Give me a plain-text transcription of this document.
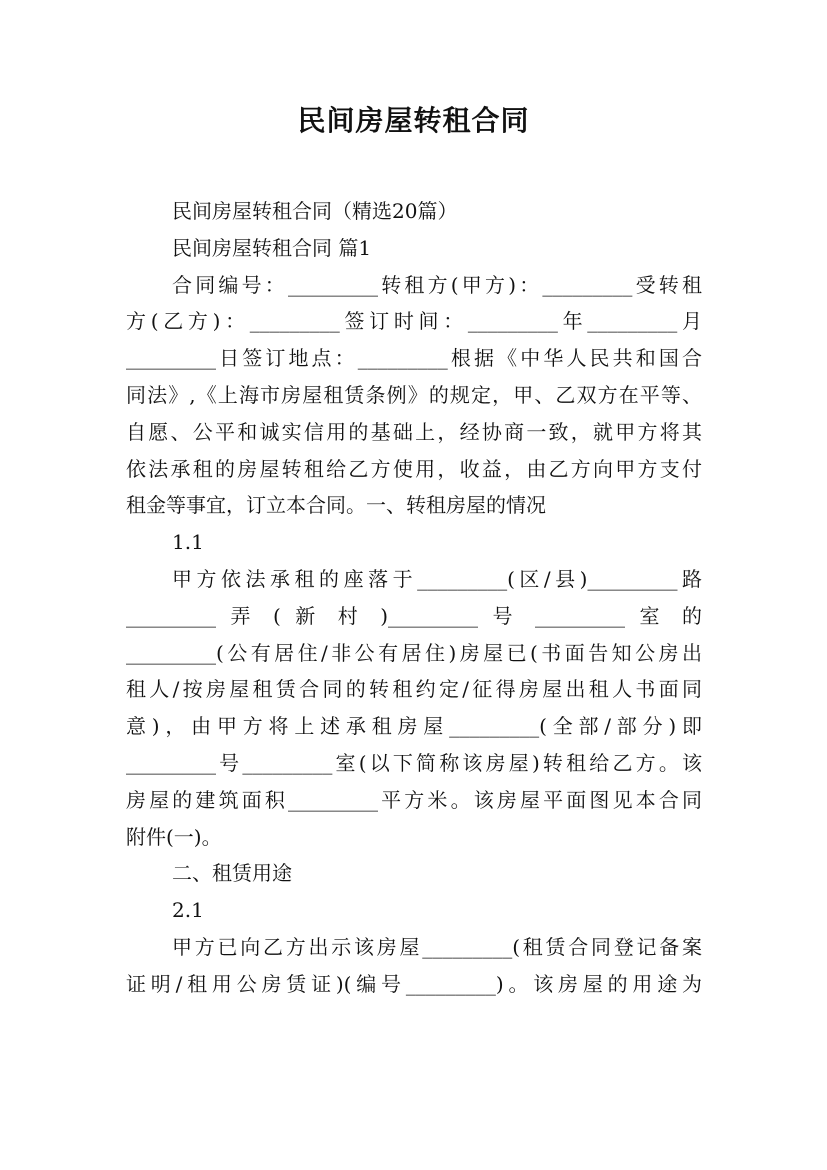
民间房屋转租合同
民间房屋转租合同（精选20篇）
民间房屋转租合同 篇1
合同编号：_________转租方(甲方)：_________受转租
方(乙方)：_________签订时间：_________年_________月
_________日签订地点：_________根据《中华人民共和国合
同法》,《上海市房屋租赁条例》的规定，甲、乙双方在平等、
自愿、公平和诚实信用的基础上，经协商一致，就甲方将其
依法承租的房屋转租给乙方使用，收益，由乙方向甲方支付
租金等事宜，订立本合同。一、转租房屋的情况
1.1
甲方依法承租的座落于_________(区/县)_________路
_________ 弄 ( 新 村 )_________ 号 _________ 室 的
_________(公有居住/非公有居住)房屋已(书面告知公房出
租人/按房屋租赁合同的转租约定/征得房屋出租人书面同
意)，由甲方将上述承租房屋_________(全部/部分)即
_________号_________室(以下简称该房屋)转租给乙方。该
房屋的建筑面积_________平方米。该房屋平面图见本合同
附件(一)。
二、租赁用途
2.1
甲方已向乙方出示该房屋_________(租赁合同登记备案
证明/租用公房赁证)(编号_________)。该房屋的用途为
